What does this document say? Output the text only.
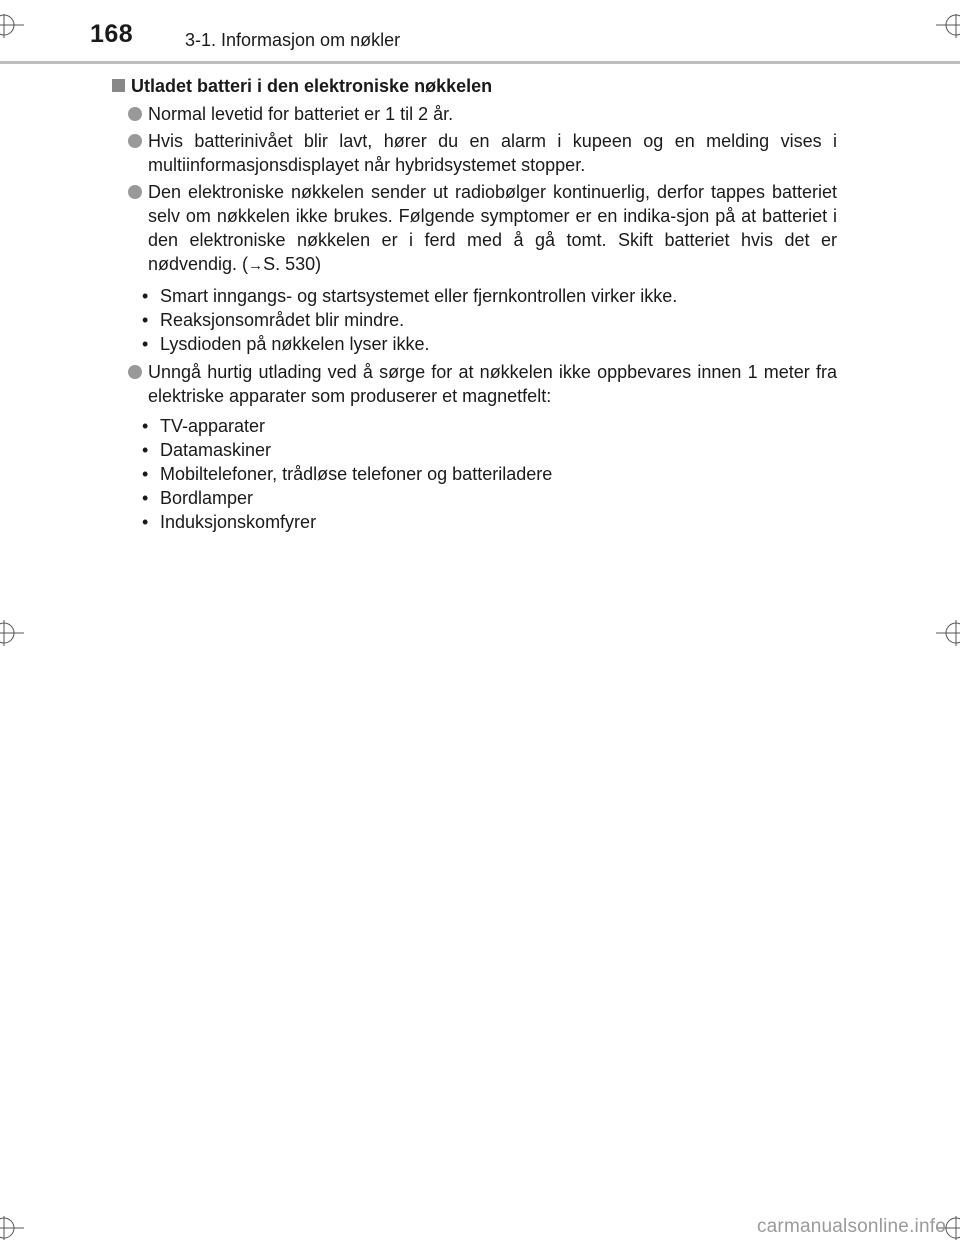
168	3-1. Informasjon om nøkler
Utladet batteri i den elektroniske nøkkelen
Normal levetid for batteriet er 1 til 2 år.
Hvis batterinivået blir lavt, hører du en alarm i kupeen og en melding vises i multiinformasjonsdisplayet når hybridsystemet stopper.
Den elektroniske nøkkelen sender ut radiobølger kontinuerlig, derfor tappes batteriet selv om nøkkelen ikke brukes. Følgende symptomer er en indika-sjon på at batteriet i den elektroniske nøkkelen er i ferd med å gå tomt. Skift batteriet hvis det er nødvendig. (→S. 530)
• Smart inngangs- og startsystemet eller fjernkontrollen virker ikke.
• Reaksjonsområdet blir mindre.
• Lysdioden på nøkkelen lyser ikke.
Unngå hurtig utlading ved å sørge for at nøkkelen ikke oppbevares innen 1 meter fra elektriske apparater som produserer et magnetfelt:
• TV-apparater
• Datamaskiner
• Mobiltelefoner, trådløse telefoner og batteriladere
• Bordlamper
• Induksjonskomfyrer
carmanualsonline.info
